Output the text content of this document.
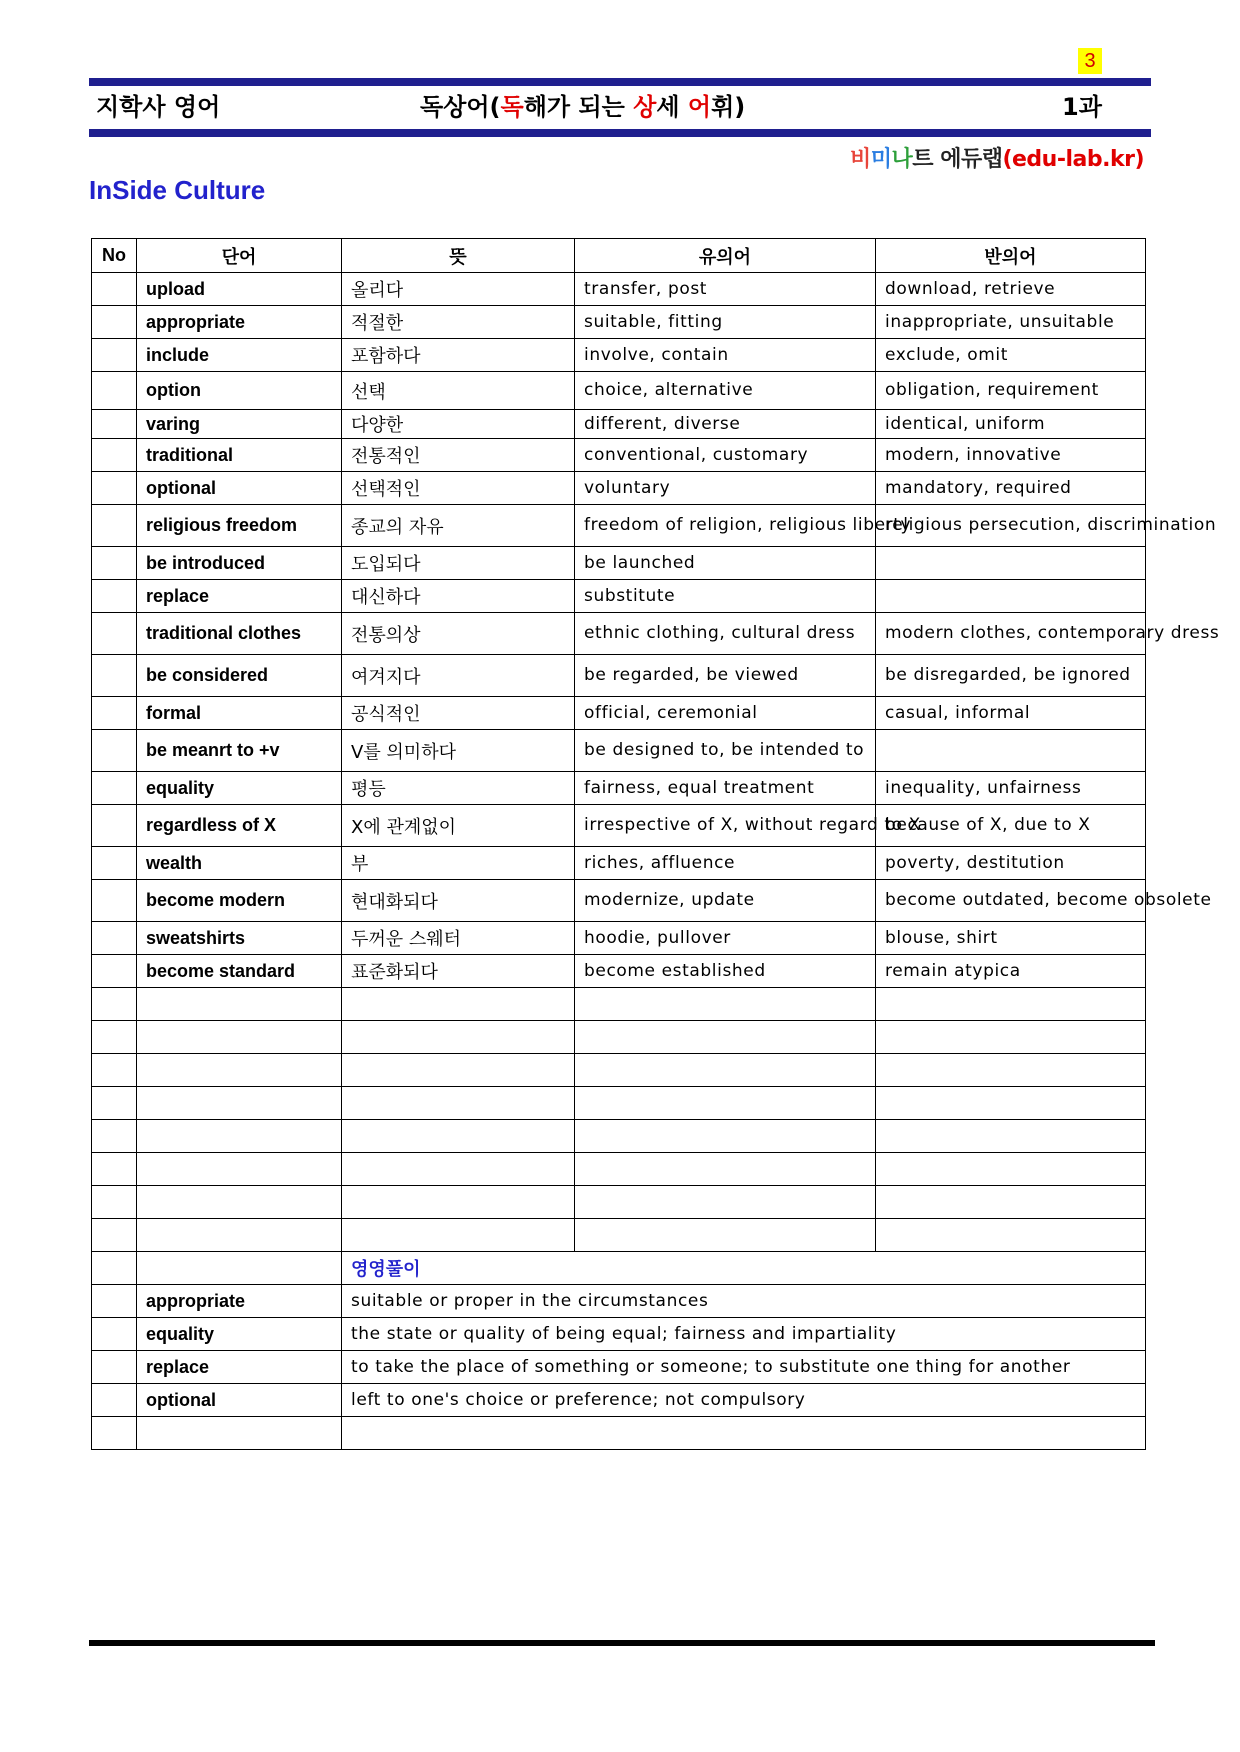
3
지학사 영어	독상어(독해가 되는 상세 어휘)	1과
비미나트 에듀랩(edu-lab.kr)
InSide Culture
No	단어	뜻	유의어	반의어
	upload	올리다	transfer, post	download, retrieve
	appropriate	적절한	suitable, fitting	inappropriate, unsuitable
	include	포함하다	involve, contain	exclude, omit
	option	선택	choice, alternative	obligation, requirement
	varing	다양한	different, diverse	identical, uniform
	traditional	전통적인	conventional, customary	modern, innovative
	optional	선택적인	voluntary	mandatory, required
	religious freedom	종교의 자유	freedom of religion, religious liberty	religious persecution, discrimination
	be introduced	도입되다	be launched	
	replace	대신하다	substitute	
	traditional clothes	전통의상	ethnic clothing, cultural dress	modern clothes, contemporary dress
	be considered	여겨지다	be regarded, be viewed	be disregarded, be ignored
	formal	공식적인	official, ceremonial	casual, informal
	be meanrt to +v	V를 의미하다	be designed to, be intended to	
	equality	평등	fairness, equal treatment	inequality, unfairness
	regardless of X	X에 관계없이	irrespective of X, without regard to X	because of X, due to X
	wealth	부	riches, affluence	poverty, destitution
	become modern	현대화되다	modernize, update	become outdated, become obsolete
	sweatshirts	두꺼운 스웨터	hoodie, pullover	blouse, shirt
	become standard	표준화되다	become established	remain atypica

		영영풀이		
	appropriate	suitable or proper in the circumstances		
	equality	the state or quality of being equal; fairness and impartiality		
	replace	to take the place of something or someone; to substitute one thing for another		
	optional	left to one's choice or preference; not compulsory		
